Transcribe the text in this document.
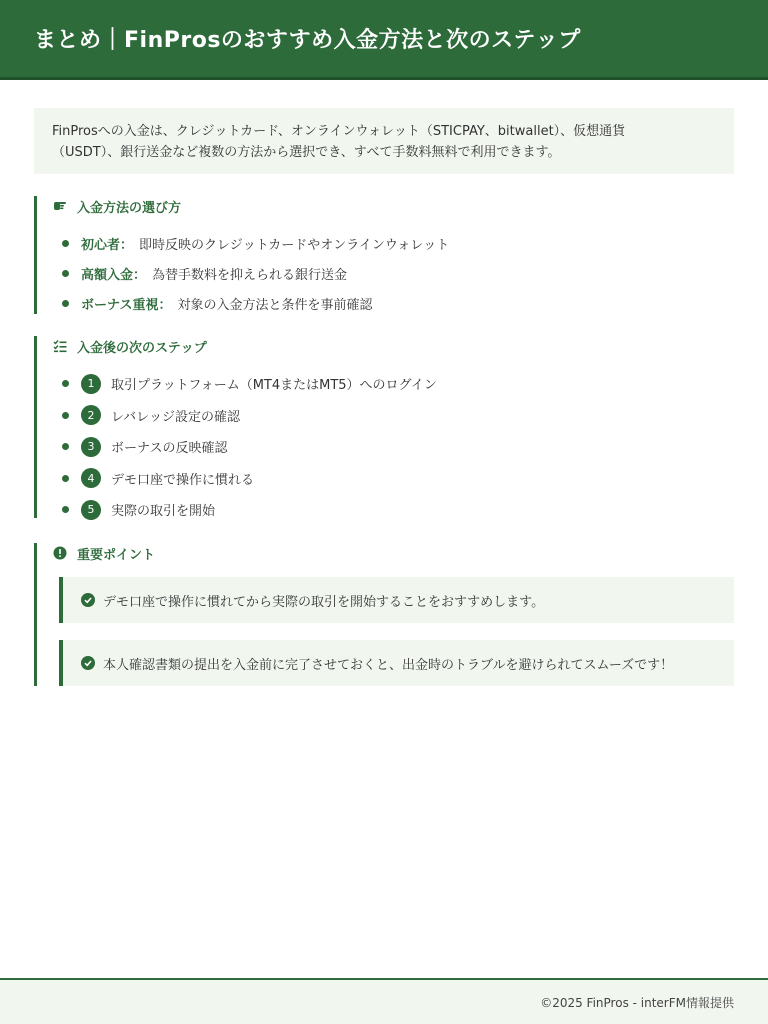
まとめ｜FinProsのおすすめ入金方法と次のステップ
FinProsへの入金は、クレジットカード、オンラインウォレット（STICPAY、bitwallet）、仮想通貨
（USDT）、銀行送金など複数の方法から選択でき、すべて手数料無料で利用できます。
入金方法の選び方
初心者： 即時反映のクレジットカードやオンラインウォレット
高額入金： 為替手数料を抑えられる銀行送金
ボーナス重視： 対象の入金方法と条件を事前確認
入金後の次のステップ
1	取引プラットフォーム（MT4またはMT5）へのログイン
2	レバレッジ設定の確認
3	ボーナスの反映確認
4	デモ口座で操作に慣れる
5	実際の取引を開始
重要ポイント
デモ口座で操作に慣れてから実際の取引を開始することをおすすめします。
本人確認書類の提出を入金前に完了させておくと、出金時のトラブルを避けられてスムーズです！
©2025 FinPros - interFM情報提供
